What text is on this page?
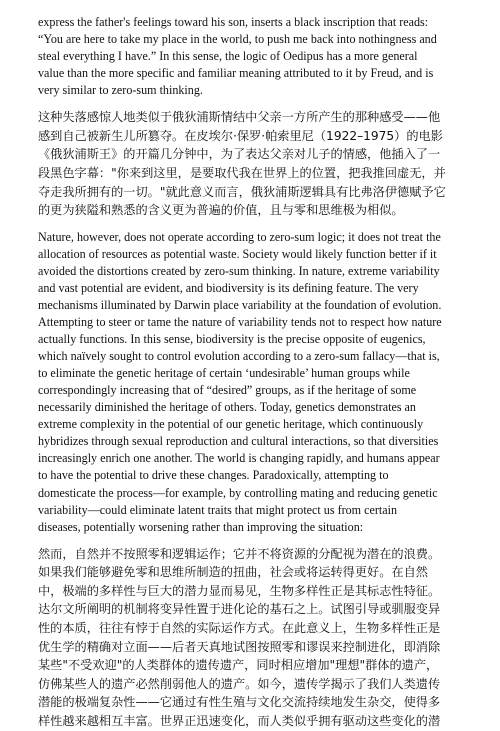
express the father's feelings toward his son, inserts a black inscription that reads:
“You are here to take my place in the world, to push me back into nothingness and
steal everything I have.” In this sense, the logic of Oedipus has a more general
value than the more specific and familiar meaning attributed to it by Freud, and is
very similar to zero-sum thinking.

这种失落感惊人地类似于俄狄浦斯情结中父亲一方所产生的那种感受——他
感到自己被新生儿所篡夺。在皮埃尔·保罗·帕索里尼（1922–1975）的电影
《俄狄浦斯王》的开篇几分钟中，为了表达父亲对儿子的情感，他插入了一
段黑色字幕："你来到这里，是要取代我在世界上的位置，把我推回虚无，并
夺走我所拥有的一切。"就此意义而言，俄狄浦斯逻辑具有比弗洛伊德赋予它
的更为狭隘和熟悉的含义更为普遍的价值，且与零和思维极为相似。

Nature, however, does not operate according to zero-sum logic; it does not treat the
allocation of resources as potential waste. Society would likely function better if it
avoided the distortions created by zero-sum thinking. In nature, extreme variability
and vast potential are evident, and biodiversity is its defining feature. The very
mechanisms illuminated by Darwin place variability at the foundation of evolution.
Attempting to steer or tame the nature of variability tends not to respect how nature
actually functions. In this sense, biodiversity is the precise opposite of eugenics,
which naïvely sought to control evolution according to a zero-sum fallacy—that is,
to eliminate the genetic heritage of certain ‘undesirable’ human groups while
correspondingly increasing that of “desired” groups, as if the heritage of some
necessarily diminished the heritage of others. Today, genetics demonstrates an
extreme complexity in the potential of our genetic heritage, which continuously
hybridizes through sexual reproduction and cultural interactions, so that diversities
increasingly enrich one another. The world is changing rapidly, and humans appear
to have the potential to drive these changes. Paradoxically, attempting to
domesticate the process—for example, by controlling mating and reducing genetic
variability—could eliminate latent traits that might protect us from certain
diseases, potentially worsening rather than improving the situation:

然而，自然并不按照零和逻辑运作；它并不将资源的分配视为潜在的浪费。
如果我们能够避免零和思维所制造的扭曲，社会或将运转得更好。在自然
中，极端的多样性与巨大的潜力显而易见，生物多样性正是其标志性特征。
达尔文所阐明的机制将变异性置于进化论的基石之上。试图引导或驯服变异
性的本质，往往有悖于自然的实际运作方式。在此意义上，生物多样性正是
优生学的精确对立面——后者天真地试图按照零和谬误来控制进化，即消除
某些"不受欢迎"的人类群体的遗传遗产，同时相应增加"理想"群体的遗产，
仿佛某些人的遗产必然削弱他人的遗产。如今，遗传学揭示了我们人类遗传
潜能的极端复杂性——它通过有性生殖与文化交流持续地发生杂交，使得多
样性越来越相互丰富。世界正迅速变化，而人类似乎拥有驱动这些变化的潜
